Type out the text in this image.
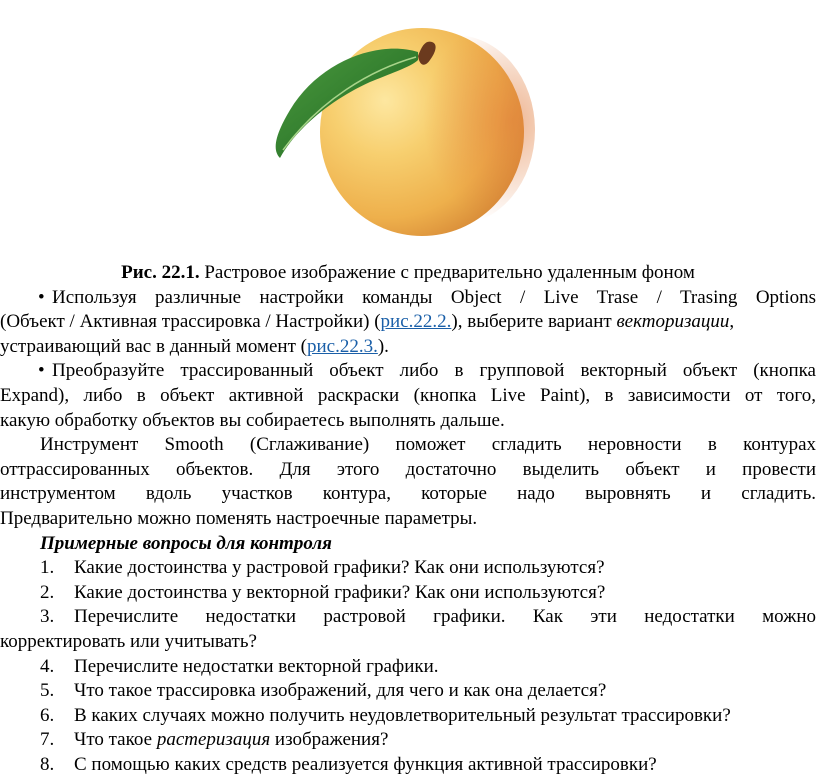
Рис. 22.1. Растровое изображение с предварительно удаленным фоном

• Используя различные настройки команды Object / Live Trase / Trasing Options

(Объект / Активная трассировка / Настройки) (рис.22.2.), выберите вариант векторизации,

устраивающий вас в данный момент (рис.22.3.).

• Преобразуйте трассированный объект либо в групповой векторный объект (кнопка

Expand), либо в объект активной раскраски (кнопка Live Paint), в зависимости от того,

какую обработку объектов вы собираетесь выполнять дальше.

Инструмент Smooth (Сглаживание) поможет сгладить неровности в контурах

оттрассированных объектов. Для этого достаточно выделить объект и провести

инструментом вдоль участков контура, которые надо выровнять и сгладить.

Предварительно можно поменять настроечные параметры.

Примерные вопросы для контроля

1. Какие достоинства у растровой графики? Как они используются?

2. Какие достоинства у векторной графики? Как они используются?

3. Перечислите недостатки растровой графики. Как эти недостатки можно

корректировать или учитывать?

4. Перечислите недостатки векторной графики.

5. Что такое трассировка изображений, для чего и как она делается?

6. В каких случаях можно получить неудовлетворительный результат трассировки?

7. Что такое растеризация изображения?

8. С помощью каких средств реализуется функция активной трассировки?
